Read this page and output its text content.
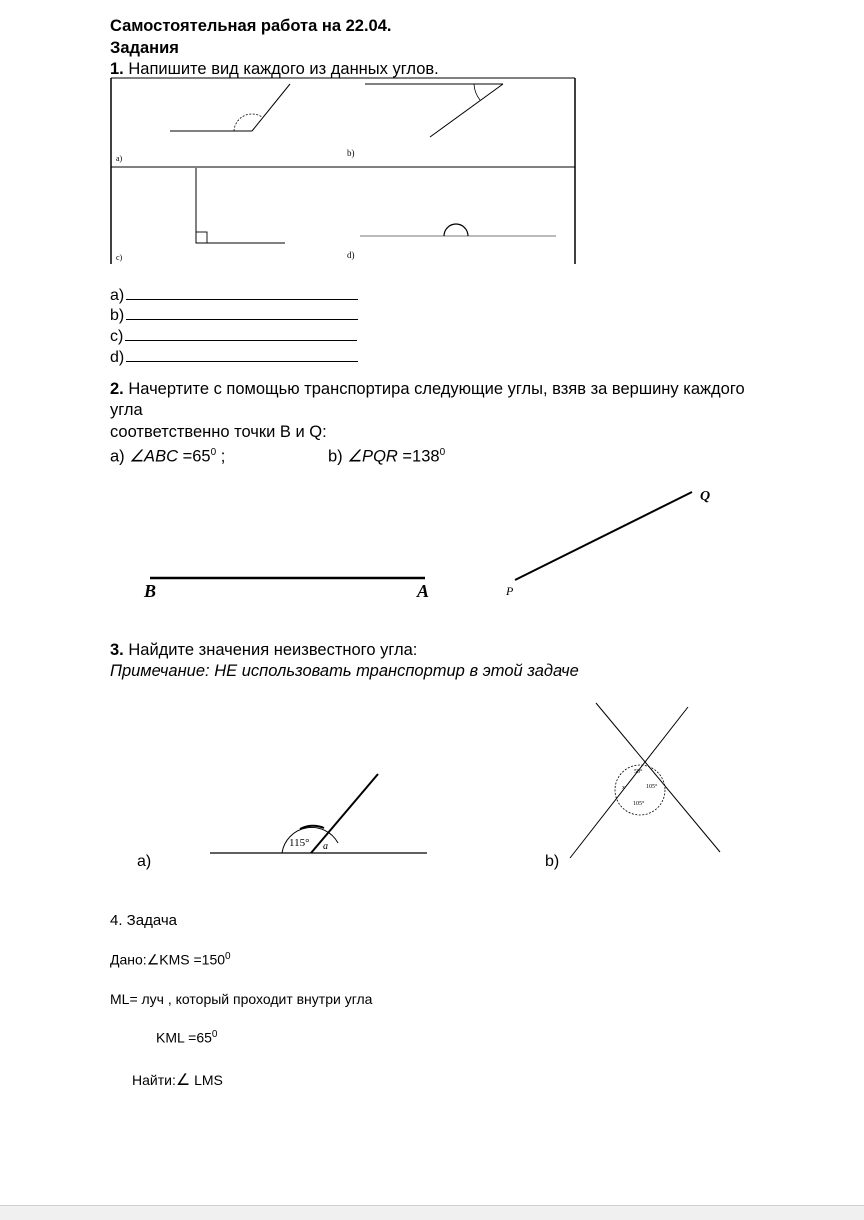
Самостоятельная работа на 22.04.
Задания
1. Напишите вид каждого из данных углов.
a)
b)
c)	d)
a)
b)
c)
d)
2. Начертите с помощью транспортира следующие углы, взяв за вершину каждого
угла
соответственно точки B и Q:
a) ∠ABC $=65^0$ ;	b) ∠PQR $=138^0$
B	A	P
Q
3. Найдите значения неизвестного угла:
Примечание: НЕ использовать транспортир в этой задаче
a)	b)
115° a
50°
105°
105°
x
4. Задача
Дано:∠KMS $=150^0$
ML= луч , который проходит внутри угла
KML $=65^0$
Найти:∠ LMS
